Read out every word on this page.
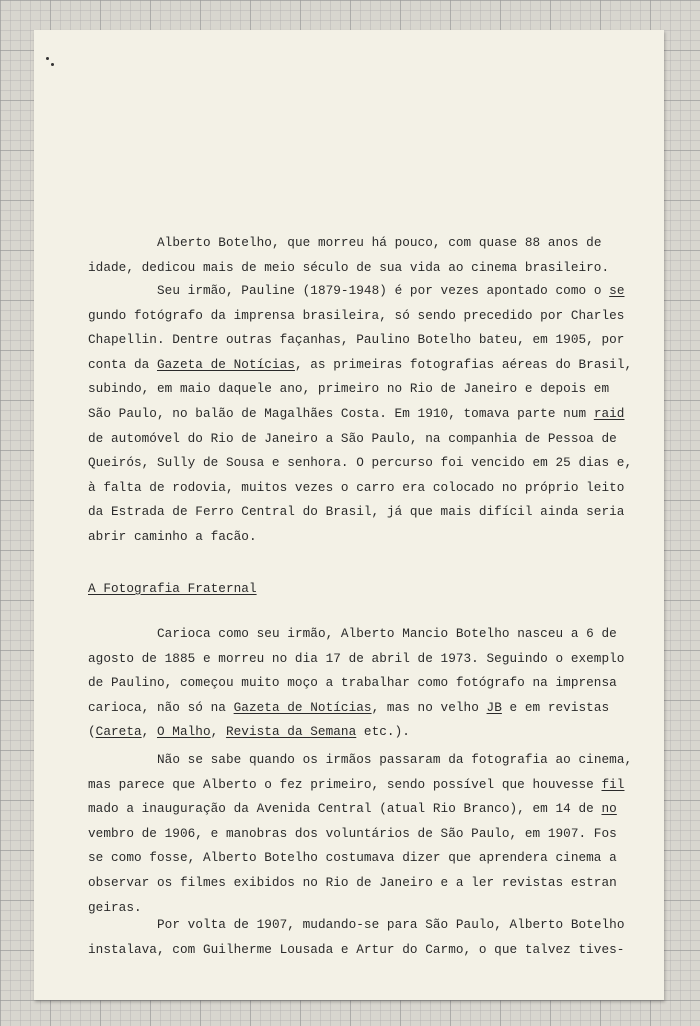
A Fotografia Fraternal
Alberto Botelho, que morreu há pouco, com quase 88 anos de
idade, dedicou mais de meio século de sua vida ao cinema brasileiro.
Seu irmão, Pauline (1879-1948) é por vezes apontado como o se
gundo fotógrafo da imprensa brasileira, só sendo precedido por Charles
Chapellin. Dentre outras façanhas, Paulino Botelho bateu, em 1905, por
conta da Gazeta de Notícias, as primeiras fotografias aéreas do Brasil,
subindo, em maio daquele ano, primeiro no Rio de Janeiro e depois em
São Paulo, no balão de Magalhães Costa. Em 1910, tomava parte num raid
de automóvel do Rio de Janeiro a São Paulo, na companhia de Pessoa de
Queirós, Sully de Sousa e senhora. O percurso foi vencido em 25 dias e,
à falta de rodovia, muitos vezes o carro era colocado no próprio leito
da Estrada de Ferro Central do Brasil, já que mais difícil ainda seria
abrir caminho a facão.
Carioca como seu irmão, Alberto Mancio Botelho nasceu a 6 de
agosto de 1885 e morreu no dia 17 de abril de 1973. Seguindo o exemplo
de Paulino, começou muito moço a trabalhar como fotógrafo na imprensa
carioca, não só na Gazeta de Notícias, mas no velho JB e em revistas
(Careta, O Malho, Revista da Semana etc.).
Não se sabe quando os irmãos passaram da fotografia ao cinema,
mas parece que Alberto o fez primeiro, sendo possível que houvesse fil
mado a inauguração da Avenida Central (atual Rio Branco), em 14 de no
vembro de 1906, e manobras dos voluntários de São Paulo, em 1907. Fos
se como fosse, Alberto Botelho costumava dizer que aprendera cinema a
observar os filmes exibidos no Rio de Janeiro e a ler revistas estran
geiras.
Por volta de 1907, mudando-se para São Paulo, Alberto Botelho
instalava, com Guilherme Lousada e Artur do Carmo, o que talvez tives-
